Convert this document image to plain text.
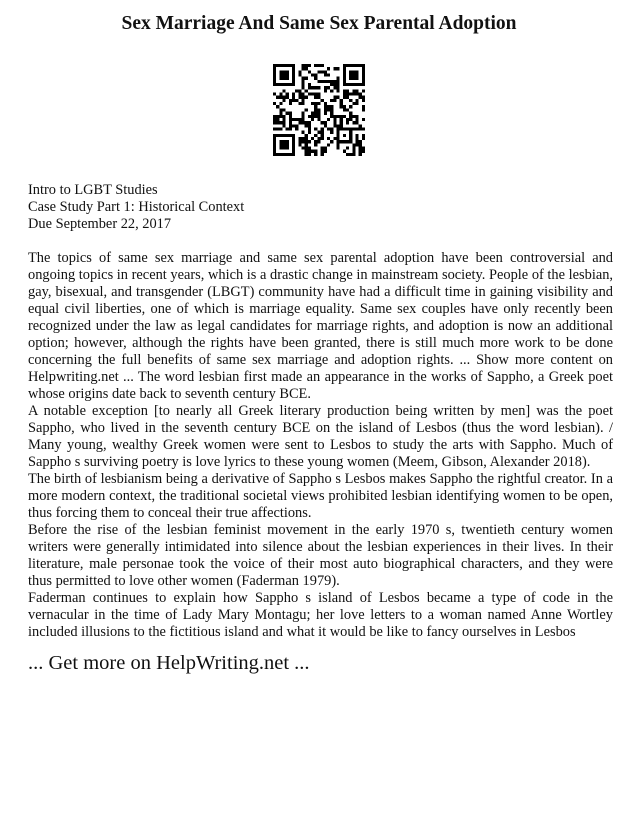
Sex Marriage And Same Sex Parental Adoption
Intro to LGBT Studies
Case Study Part 1: Historical Context
Due September 22, 2017

The topics of same sex marriage and same sex parental adoption have been controversial and ongoing topics in recent years, which is a drastic change in mainstream society. People of the lesbian, gay, bisexual, and transgender (LBGT) community have had a difficult time in gaining visibility and equal civil liberties, one of which is marriage equality. Same sex couples have only recently been recognized under the law as legal candidates for marriage rights, and adoption is now an additional option; however, although the rights have been granted, there is still much more work to be done concerning the full benefits of same sex marriage and adoption rights. ... Show more content on Helpwriting.net ... The word lesbian first made an appearance in the works of Sappho, a Greek poet whose origins date back to seventh century BCE.

A notable exception [to nearly all Greek literary production being written by men] was the poet Sappho, who lived in the seventh century BCE on the island of Lesbos (thus the word lesbian). / Many young, wealthy Greek women were sent to Lesbos to study the arts with Sappho. Much of Sappho s surviving poetry is love lyrics to these young women (Meem, Gibson, Alexander 2018).

The birth of lesbianism being a derivative of Sappho s Lesbos makes Sappho the rightful creator. In a more modern context, the traditional societal views prohibited lesbian identifying women to be open, thus forcing them to conceal their true affections.

Before the rise of the lesbian feminist movement in the early 1970 s, twentieth century women writers were generally intimidated into silence about the lesbian experiences in their lives. In their literature, male personae took the voice of their most auto biographical characters, and they were thus permitted to love other women (Faderman 1979).

Faderman continues to explain how Sappho s island of Lesbos became a type of code in the vernacular in the time of Lady Mary Montagu; her love letters to a woman named Anne Wortley included illusions to the fictitious island and what it would be like to fancy ourselves in Lesbos

... Get more on HelpWriting.net ...
